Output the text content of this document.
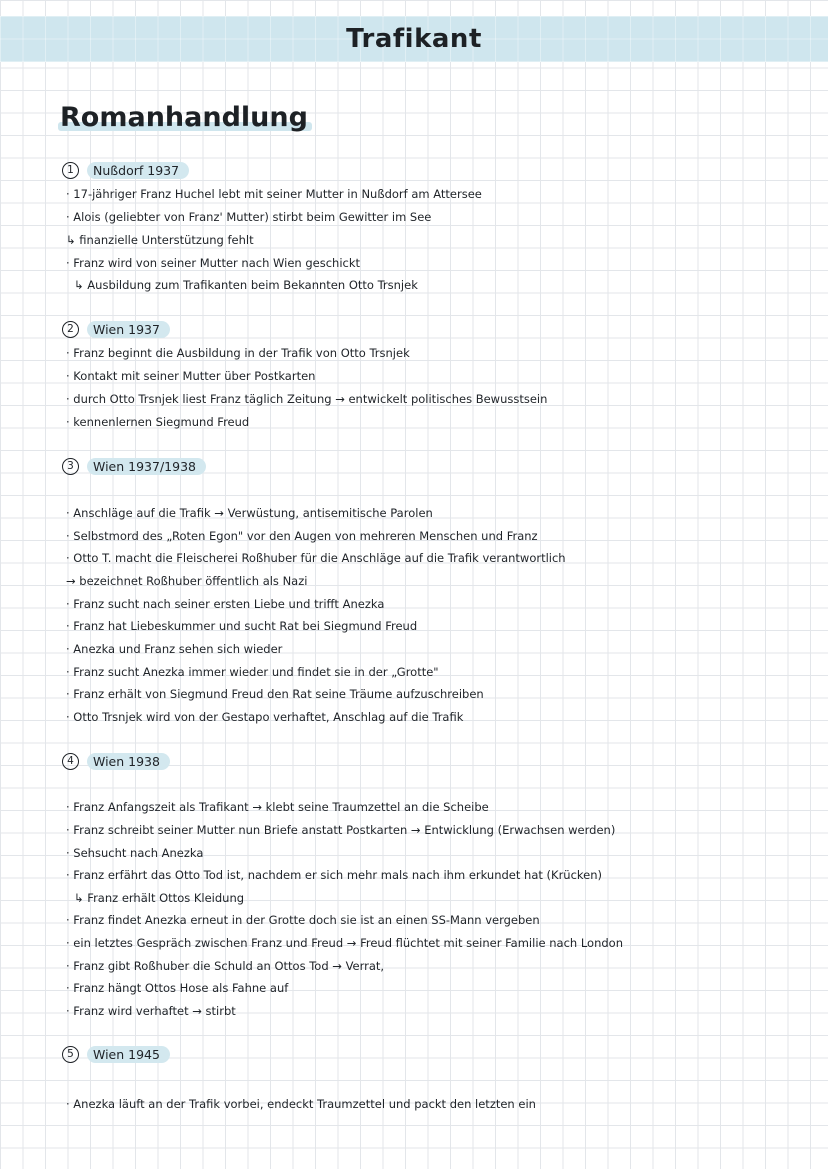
Trafikant
Romanhandlung
1	Nußdorf 1937
· 17-jähriger Franz Huchel lebt mit seiner Mutter in Nußdorf am Attersee
· Alois (geliebter von Franz' Mutter) stirbt beim Gewitter im See
↳ finanzielle Unterstützung fehlt
· Franz wird von seiner Mutter nach Wien geschickt
↳ Ausbildung zum Trafikanten beim Bekannten Otto Trsnjek
2	Wien 1937
· Franz beginnt die Ausbildung in der Trafik von Otto Trsnjek
· Kontakt mit seiner Mutter über Postkarten
· durch Otto Trsnjek liest Franz täglich Zeitung → entwickelt politisches Bewusstsein
· kennenlernen Siegmund Freud
3	Wien 1937/1938
· Anschläge auf die Trafik → Verwüstung, antisemitische Parolen
· Selbstmord des „Roten Egon" vor den Augen von mehreren Menschen und Franz
· Otto T. macht die Fleischerei Roßhuber für die Anschläge auf die Trafik verantwortlich
→ bezeichnet Roßhuber öffentlich als Nazi
· Franz sucht nach seiner ersten Liebe und trifft Anezka
· Franz hat Liebeskummer und sucht Rat bei Siegmund Freud
· Anezka und Franz sehen sich wieder
· Franz sucht Anezka immer wieder und findet sie in der „Grotte"
· Franz erhält von Siegmund Freud den Rat seine Träume aufzuschreiben
· Otto Trsnjek wird von der Gestapo verhaftet, Anschlag auf die Trafik
4	Wien 1938
· Franz Anfangszeit als Trafikant → klebt seine Traumzettel an die Scheibe
· Franz schreibt seiner Mutter nun Briefe anstatt Postkarten → Entwicklung (Erwachsen werden)
· Sehsucht nach Anezka
· Franz erfährt das Otto Tod ist, nachdem er sich mehr mals nach ihm erkundet hat (Krücken)
↳ Franz erhält Ottos Kleidung
· Franz findet Anezka erneut in der Grotte doch sie ist an einen SS-Mann vergeben
· ein letztes Gespräch zwischen Franz und Freud → Freud flüchtet mit seiner Familie nach London
· Franz gibt Roßhuber die Schuld an Ottos Tod → Verrat,
· Franz hängt Ottos Hose als Fahne auf
· Franz wird verhaftet → stirbt
5	Wien 1945
· Anezka läuft an der Trafik vorbei, endeckt Traumzettel und packt den letzten ein
